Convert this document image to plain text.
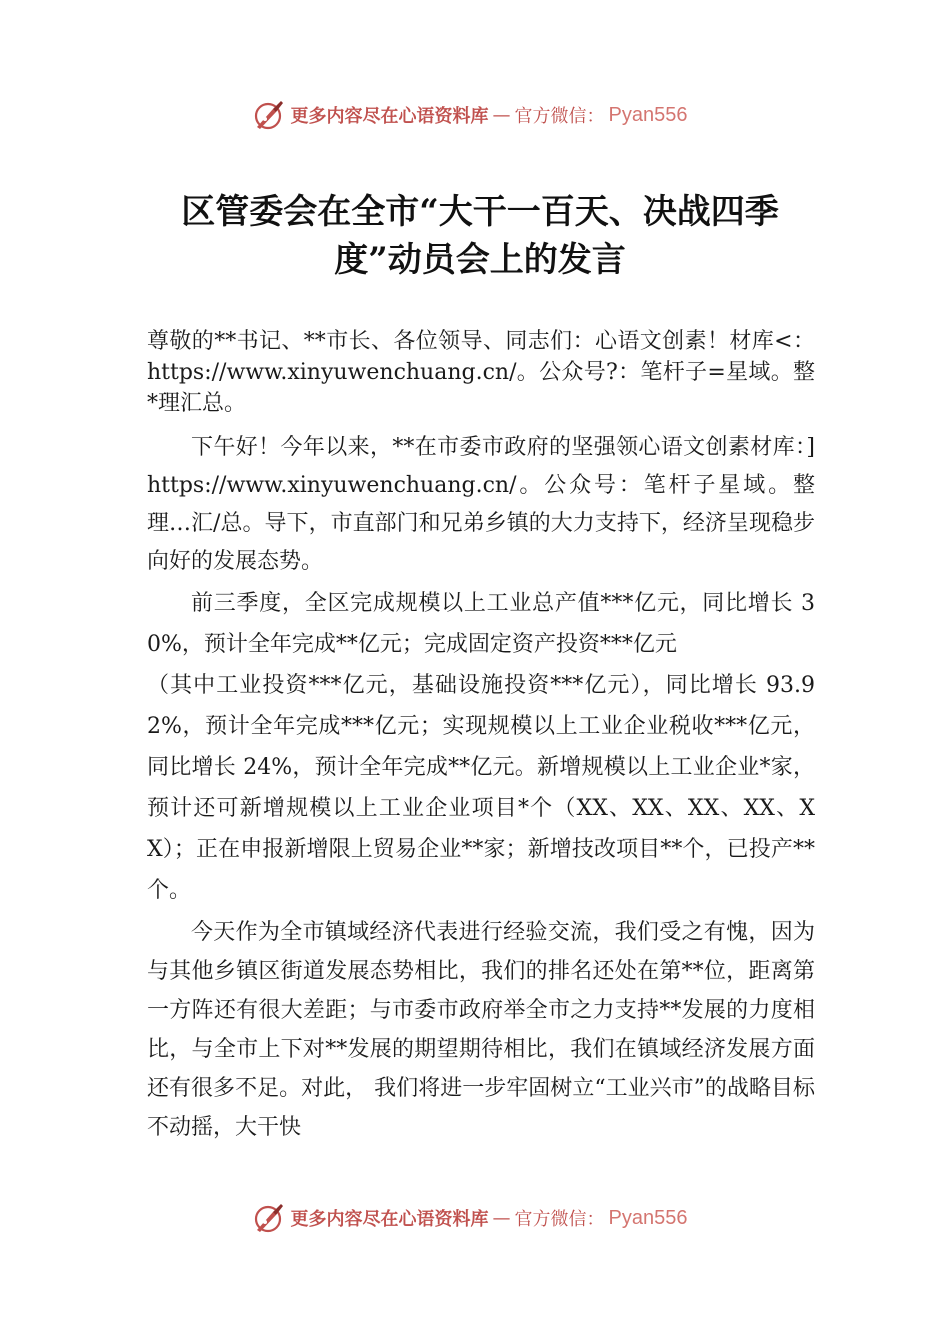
更多内容尽在心语资料库 — 官方微信： Pyan556
区管委会在全市“大干一百天、决战四季度”动员会上的发言

尊敬的**书记、**市长、各位领导、同志们：心语文创素！材库<：https://www.xinyuwenchuang.cn/。公众号?：笔杆子=星域。整*理汇总。

下午好！今年以来，**在市委市政府的坚强领心语文创素材库：]https://www.xinyuwenchuang.cn/。公众号：笔杆子星域。整理…汇/总。导下，市直部门和兄弟乡镇的大力支持下，经济呈现稳步向好的发展态势。

前三季度，全区完成规模以上工业总产值***亿元，同比增长 30%，预计全年完成**亿元；完成固定资产投资***亿元

（其中工业投资***亿元，基础设施投资***亿元），同比增长 93.92%，预计全年完成***亿元；实现规模以上工业企业税收***亿元，同比增长 24%，预计全年完成**亿元。新增规模以上工业企业*家，预计还可新增规模以上工业企业项目*个（XX、XX、XX、XX、XX）；正在申报新增限上贸易企业**家；新增技改项目**个，已投产**个。

今天作为全市镇域经济代表进行经验交流，我们受之有愧，因为与其他乡镇区街道发展态势相比，我们的排名还处在第**位，距离第一方阵还有很大差距；与市委市政府举全市之力支持**发展的力度相比，与全市上下对**发展的期望期待相比，我们在镇域经济发展方面还有很多不足。对此， 我们将进一步牢固树立“工业兴市”的战略目标不动摇，大干快

更多内容尽在心语资料库 — 官方微信： Pyan556
